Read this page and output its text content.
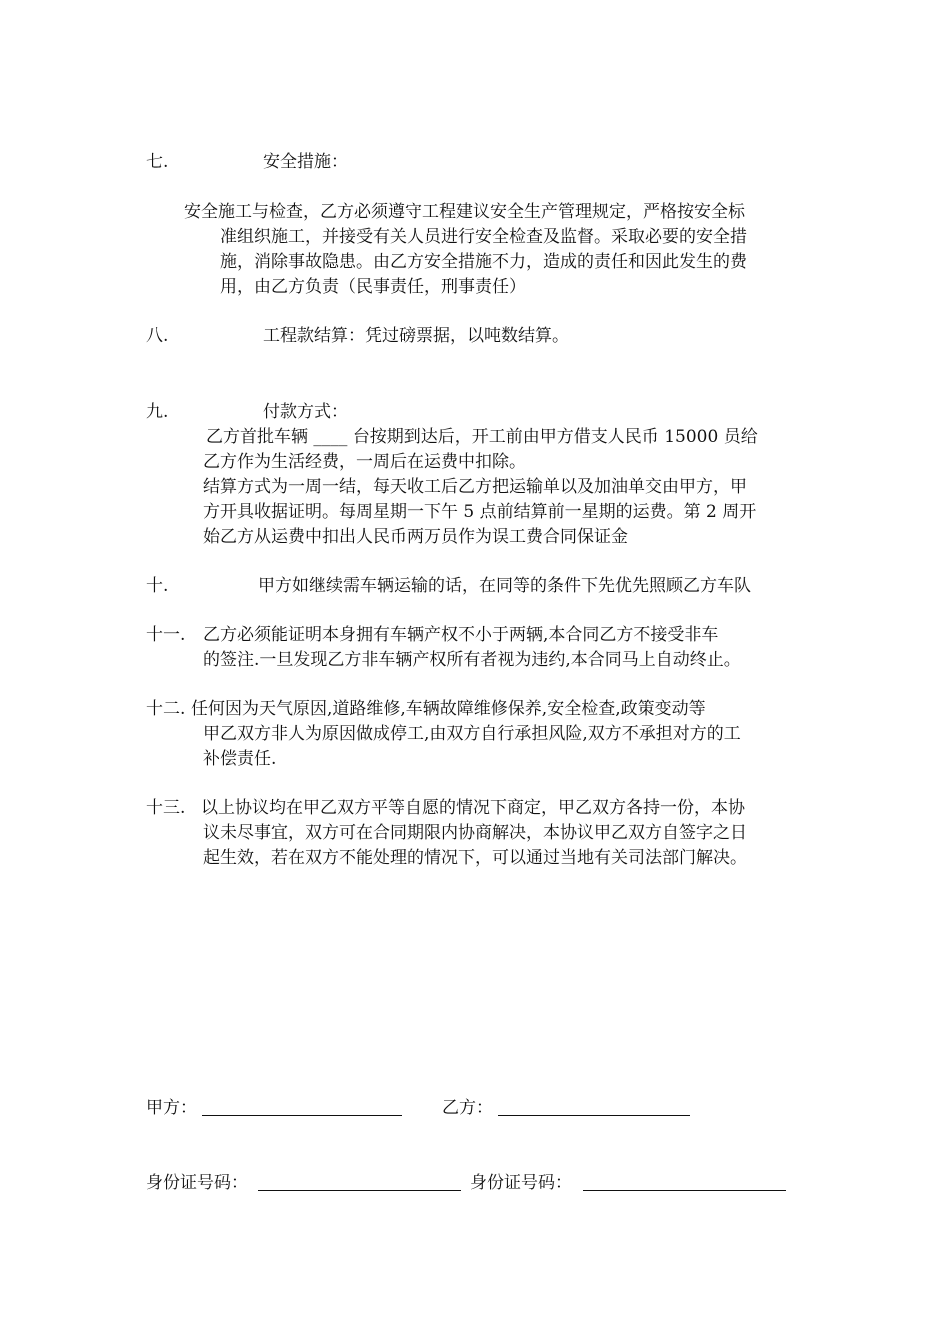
七.	安全措施：
安全施工与检查，乙方必须遵守工程建议安全生产管理规定，严格按安全标
准组织施工，并接受有关人员进行安全检查及监督。采取必要的安全措
施，消除事故隐患。由乙方安全措施不力，造成的责任和因此发生的费
用，由乙方负责（民事责任，刑事责任）
八.	工程款结算：凭过磅票据，以吨数结算。
九.	付款方式：
乙方首批车辆 ____ 台按期到达后，开工前由甲方借支人民币 15000 员给
乙方作为生活经费，一周后在运费中扣除。
结算方式为一周一结，每天收工后乙方把运输单以及加油单交由甲方，甲
方开具收据证明。每周星期一下午 5 点前结算前一星期的运费。第 2 周开
始乙方从运费中扣出人民币两万员作为误工费合同保证金
十.	甲方如继续需车辆运输的话，在同等的条件下先优先照顾乙方车队
十一. 乙方必须能证明本身拥有车辆产权不小于两辆,本合同乙方不接受非车
的签注.一旦发现乙方非车辆产权所有者视为违约,本合同马上自动终止。
十二. 任何因为天气原因,道路维修,车辆故障维修保养,安全检查,政策变动等
甲乙双方非人为原因做成停工,由双方自行承担风险,双方不承担对方的工
补偿责任.
十三. 以上协议均在甲乙双方平等自愿的情况下商定，甲乙双方各持一份，本协
议未尽事宜，双方可在合同期限内协商解决，本协议甲乙双方自签字之日
起生效，若在双方不能处理的情况下，可以通过当地有关司法部门解决。
甲方：	乙方：
身份证号码：	身份证号码：
